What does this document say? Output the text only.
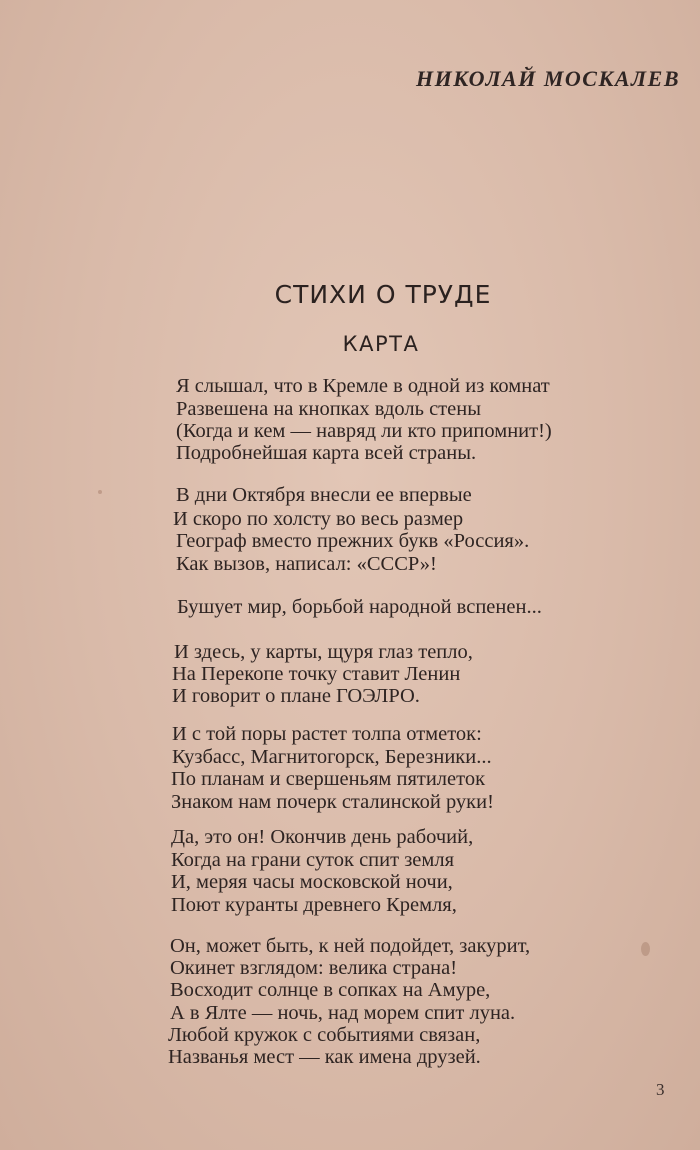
НИКОЛАЙ МОСКАЛЕВ
СТИХИ О ТРУДЕ
КАРТА
Я слышал, что в Кремле в одной из комнат
Развешена на кнопках вдоль стены
(Когда и кем — навряд ли кто припомнит!)
Подробнейшая карта всей страны.
В дни Октября внесли ее впервые
И скоро по холсту во весь размер
Географ вместо прежних букв «Россия».
Как вызов, написал: «СССР»!
Бушует мир, борьбой народной вспенен...
И здесь, у карты, щуря глаз тепло,
На Перекопе точку ставит Ленин
И говорит о плане ГОЭЛРО.
И с той поры растет толпа отметок:
Кузбасс, Магнитогорск, Березники...
По планам и свершеньям пятилеток
Знаком нам почерк сталинской руки!
Да, это он! Окончив день рабочий,
Когда на грани суток спит земля
И, меряя часы московской ночи,
Поют куранты древнего Кремля,
Он, может быть, к ней подойдет, закурит,
Окинет взглядом: велика страна!
Восходит солнце в сопках на Амуре,
А в Ялте — ночь, над морем спит луна.
Любой кружок с событиями связан,
Названья мест — как имена друзей.
3
